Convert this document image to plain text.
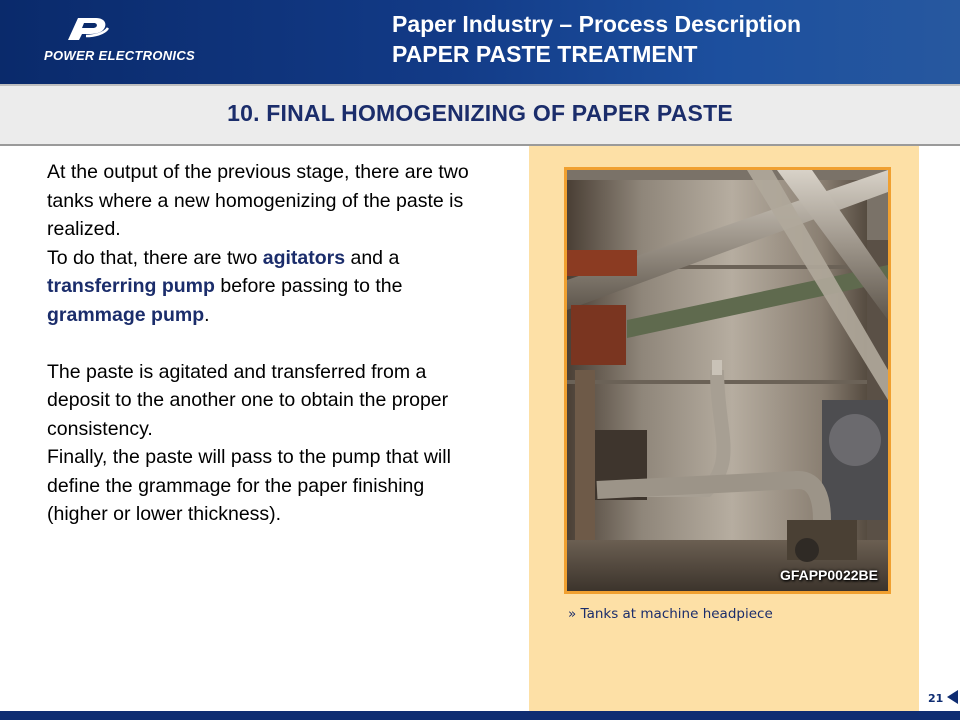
POWER ELECTRONICS
Paper Industry – Process Description
PAPER PASTE TREATMENT
10. FINAL HOMOGENIZING OF PAPER PASTE

At the output of the previous stage, there are two tanks where a new homogenizing of the paste is realized.

To do that, there are two agitators and a transferring pump before passing to the grammage pump.

The paste is agitated and transferred from a deposit to the another one to obtain the proper consistency.

Finally, the paste will pass to the pump that will define the grammage for the paper finishing (higher or lower thickness).

GFAPP0022BE
» Tanks at machine headpiece
21
